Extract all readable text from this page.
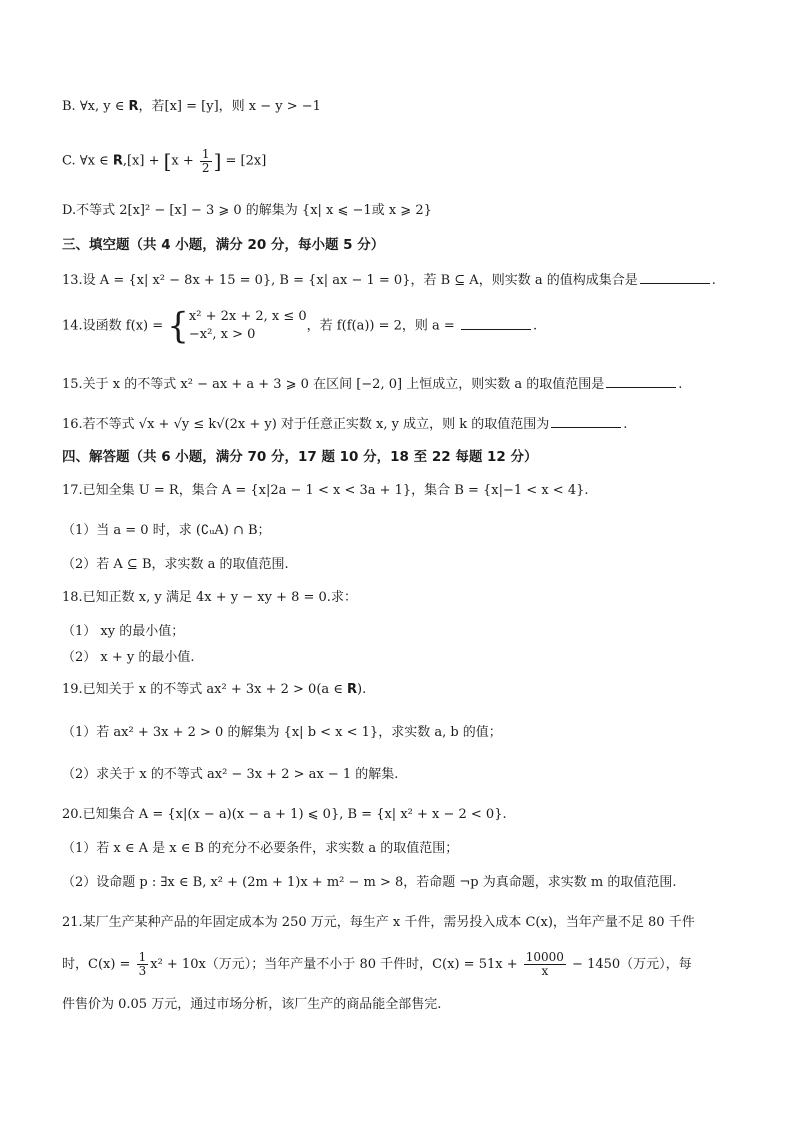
B. ∀x, y ∈ R，若[x] = [y]，则 x − y > −1
C. ∀x ∈ $R,[x] + [x + \frac{1}{2}$ ] = [2x]
D.不等式 2[x]² − [x] − 3 ⩾ 0 的解集为 {x| x ⩽ −1或 x ⩾ 2}
三、填空题（共 4 小题，满分 20 分，每小题 5 分）
13.设 A = {x| x² − 8x + 15 = 0}, B = {x| ax − 1 = 0}，若 B ⊆ A，则实数 a 的值构成集合是	.
14.设函数 f(x) = { x² + 2x + 2, x ≤ 0
−x², x > 0
，若 f(f(a)) = 2，则 a =	.
15.关于 x 的不等式 x² − ax + a + 3 ⩾ 0 在区间 [−2, 0] 上恒成立，则实数 a 的取值范围是	.
16.若不等式 √x + √y ≤ k√(2x + y) 对于任意正实数 x, y 成立，则 k 的取值范围为	.
四、解答题（共 6 小题，满分 70 分，17 题 10 分，18 至 22 每题 12 分）
17.已知全集 U = R，集合 A = {x|2a − 1 < x < 3a + 1}，集合 B = {x|−1 < x < 4}.
（1）当 a = 0 时，求 (∁ᵤA) ∩ B；
（2）若 A ⊆ B，求实数 a 的取值范围.
18.已知正数 x, y 满足 4x + y − xy + 8 = 0.求：
（1） xy 的最小值；
（2） x + y 的最小值.
19.已知关于 x 的不等式 ax² + 3x + 2 > 0(a ∈ R).
（1）若 ax² + 3x + 2 > 0 的解集为 {x| b < x < 1}，求实数 a, b 的值；
（2）求关于 x 的不等式 ax² − 3x + 2 > ax − 1 的解集.
20.已知集合 A = {x|(x − a)(x − a + 1) ⩽ 0}, B = {x| x² + x − 2 < 0}.
（1）若 x ∈ A 是 x ∈ B 的充分不必要条件，求实数 a 的取值范围；
（2）设命题 p : ∃x ∈ B, x² + (2m + 1)x + m² − m > 8，若命题 ¬p 为真命题，求实数 m 的取值范围.
21.某厂生产某种产品的年固定成本为 250 万元，每生产 x 千件，需另投入成本 C(x)，当年产量不足 80 千件
时，$C(x) = \frac{1}{3} x^2 + 10x$（万元）；当年产量不小于 80 千件时，$C(x) = 51x + \frac{10000}{x} - 1450$（万元），每
件售价为 0.05 万元，通过市场分析，该厂生产的商品能全部售完.
